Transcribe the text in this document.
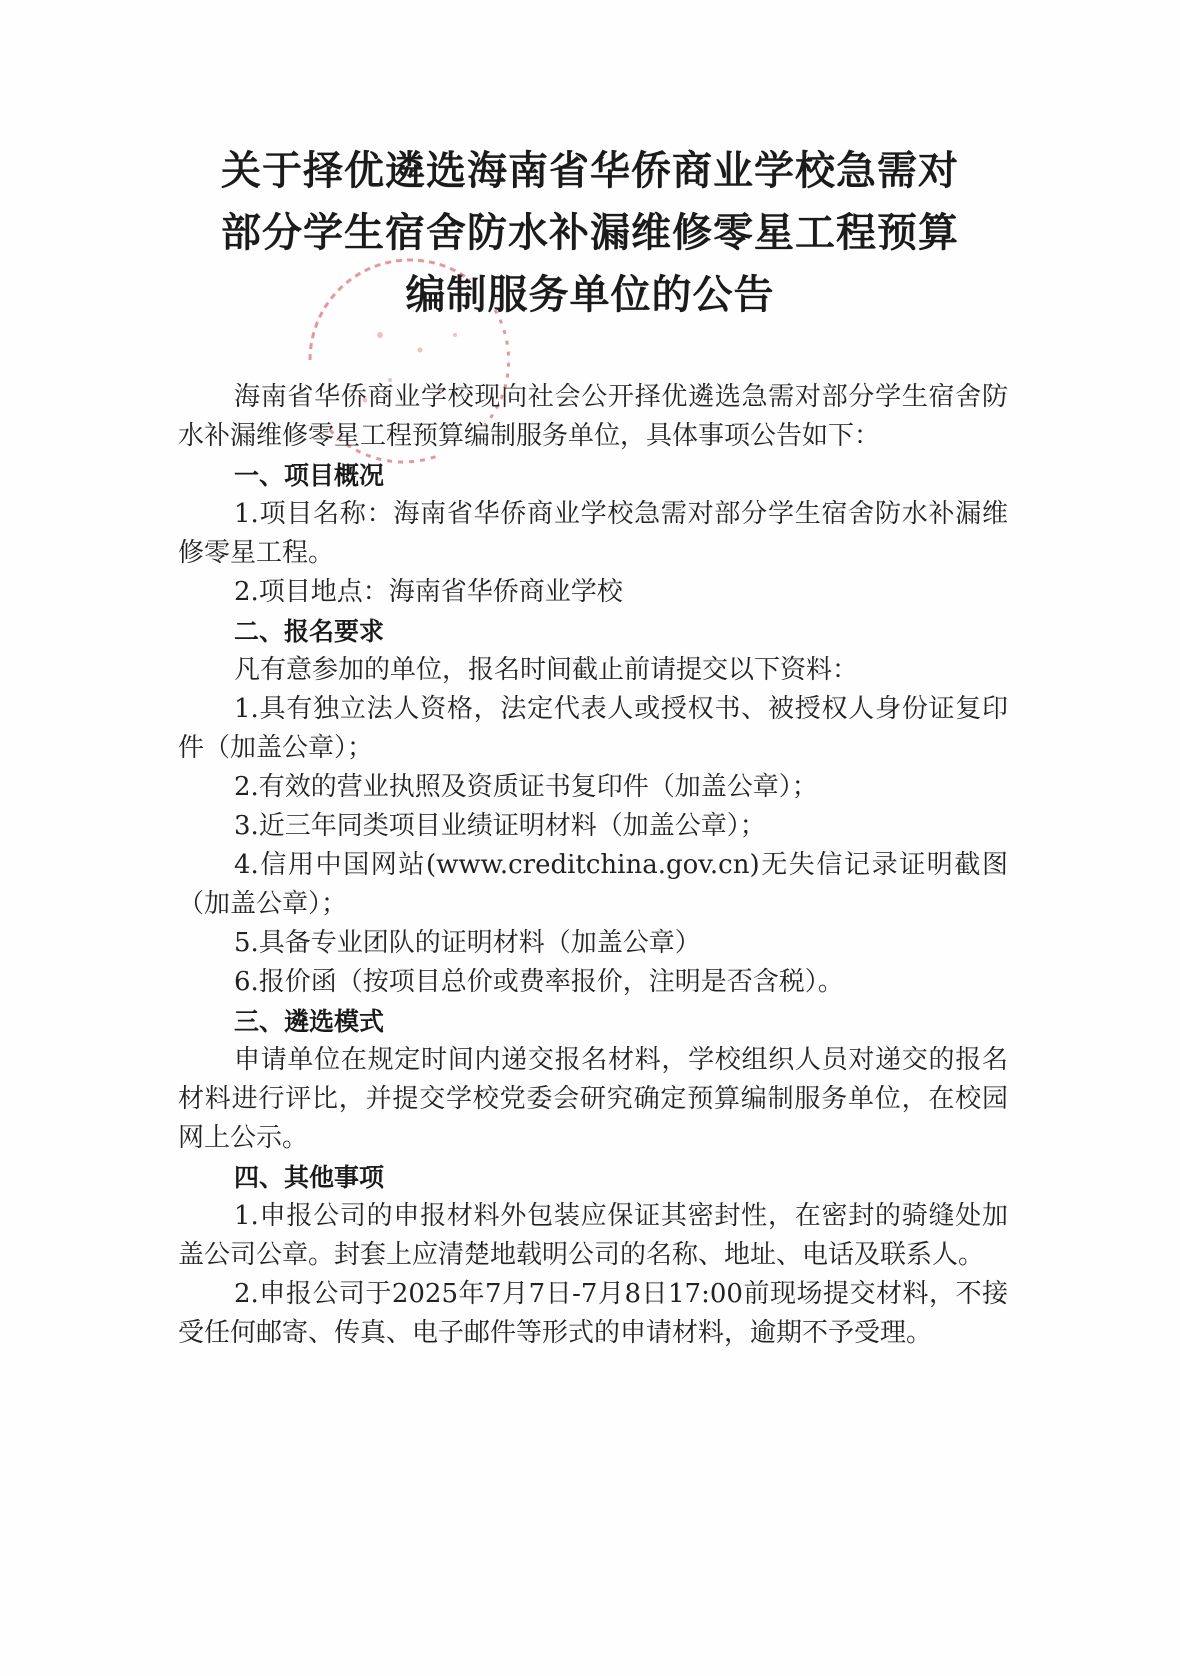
关于择优遴选海南省华侨商业学校急需对
部分学生宿舍防水补漏维修零星工程预算
编制服务单位的公告

海南省华侨商业学校现向社会公开择优遴选急需对部分学生宿舍防水补漏维修零星工程预算编制服务单位，具体事项公告如下：

一、项目概况

1.项目名称：海南省华侨商业学校急需对部分学生宿舍防水补漏维修零星工程。

2.项目地点：海南省华侨商业学校

二、报名要求

凡有意参加的单位，报名时间截止前请提交以下资料：

1.具有独立法人资格，法定代表人或授权书、被授权人身份证复印件（加盖公章）；

2.有效的营业执照及资质证书复印件（加盖公章）；

3.近三年同类项目业绩证明材料（加盖公章）；

4.信用中国网站(www.creditchina.gov.cn)无失信记录证明截图（加盖公章）；

5.具备专业团队的证明材料（加盖公章）

6.报价函（按项目总价或费率报价，注明是否含税）。

三、遴选模式

申请单位在规定时间内递交报名材料，学校组织人员对递交的报名材料进行评比，并提交学校党委会研究确定预算编制服务单位，在校园网上公示。

四、其他事项

1.申报公司的申报材料外包装应保证其密封性，在密封的骑缝处加盖公司公章。封套上应清楚地载明公司的名称、地址、电话及联系人。

2.申报公司于2025年7月7日-7月8日17:00前现场提交材料，不接受任何邮寄、传真、电子邮件等形式的申请材料，逾期不予受理。
